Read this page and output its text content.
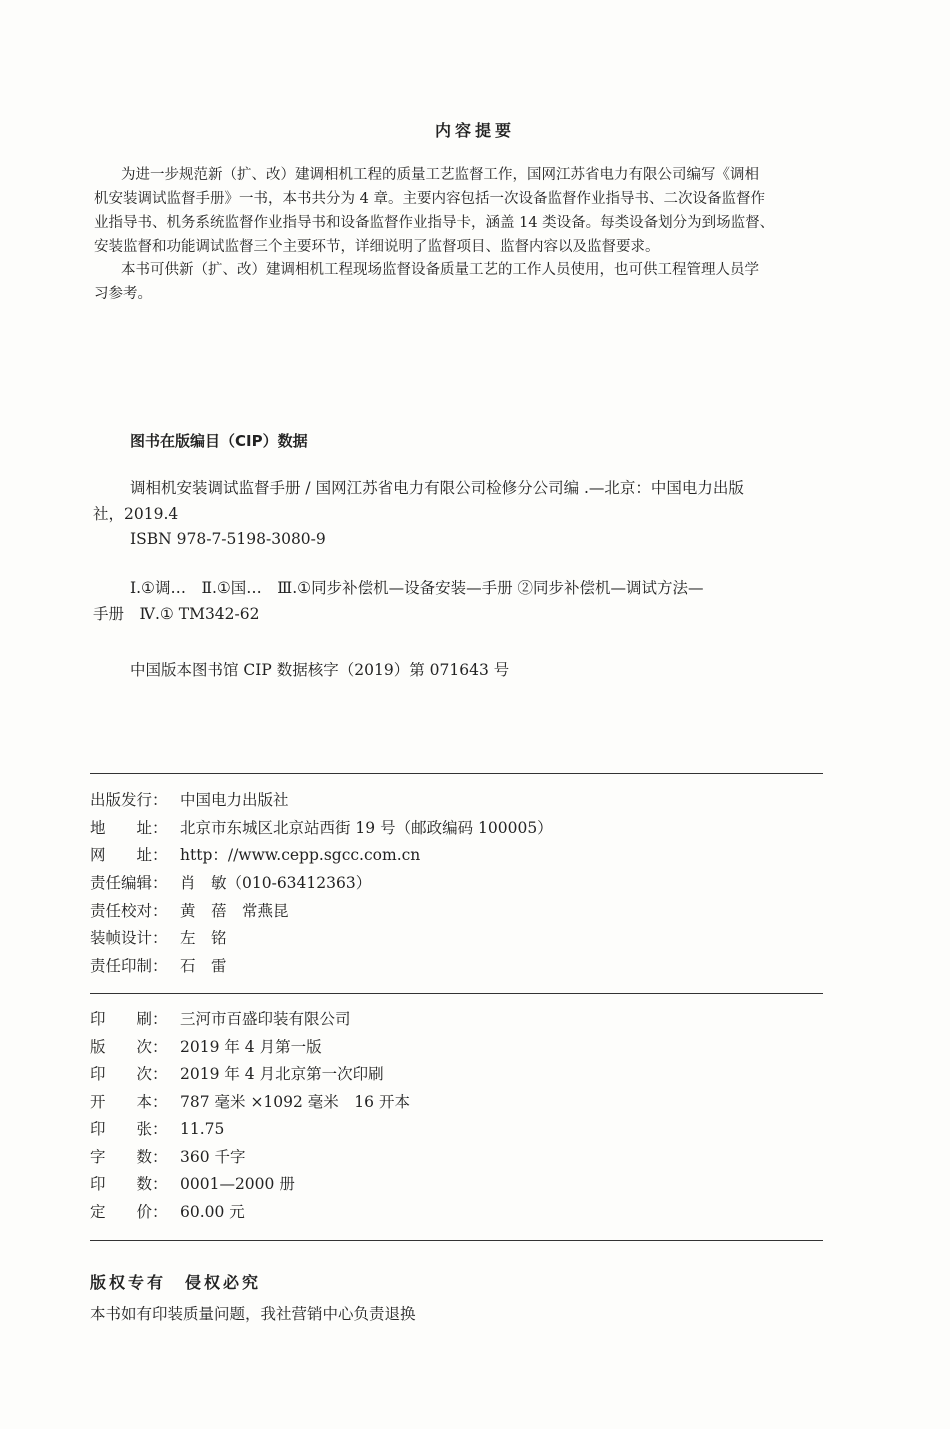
内容提要
为进一步规范新（扩、改）建调相机工程的质量工艺监督工作，国网江苏省电力有限公司编写《调相
机安装调试监督手册》一书，本书共分为 4 章。主要内容包括一次设备监督作业指导书、二次设备监督作
业指导书、机务系统监督作业指导书和设备监督作业指导卡，涵盖 14 类设备。每类设备划分为到场监督、
安装监督和功能调试监督三个主要环节，详细说明了监督项目、监督内容以及监督要求。
本书可供新（扩、改）建调相机工程现场监督设备质量工艺的工作人员使用，也可供工程管理人员学
习参考。
图书在版编目（CIP）数据
调相机安装调试监督手册 / 国网江苏省电力有限公司检修分公司编 .—北京：中国电力出版
社，2019.4
ISBN 978-7-5198-3080-9
Ⅰ.①调…　Ⅱ.①国…　Ⅲ.①同步补偿机—设备安装—手册 ②同步补偿机—调试方法—
手册　Ⅳ.① TM342-62
中国版本图书馆 CIP 数据核字（2019）第 071643 号
出版发行： 中国电力出版社
地　　址： 北京市东城区北京站西街 19 号（邮政编码 100005）
网　　址： http：//www.cepp.sgcc.com.cn
责任编辑： 肖　敏（010-63412363）
责任校对： 黄　蓓　常燕昆
装帧设计： 左　铭
责任印制： 石　雷
印　　刷： 三河市百盛印装有限公司
版　　次： 2019 年 4 月第一版
印　　次： 2019 年 4 月北京第一次印刷
开　　本： 787 毫米 ×1092 毫米　16 开本
印　　张： 11.75
字　　数： 360 千字
印　　数： 0001—2000 册
定　　价： 60.00 元
版权专有　侵权必究
本书如有印装质量问题，我社营销中心负责退换
